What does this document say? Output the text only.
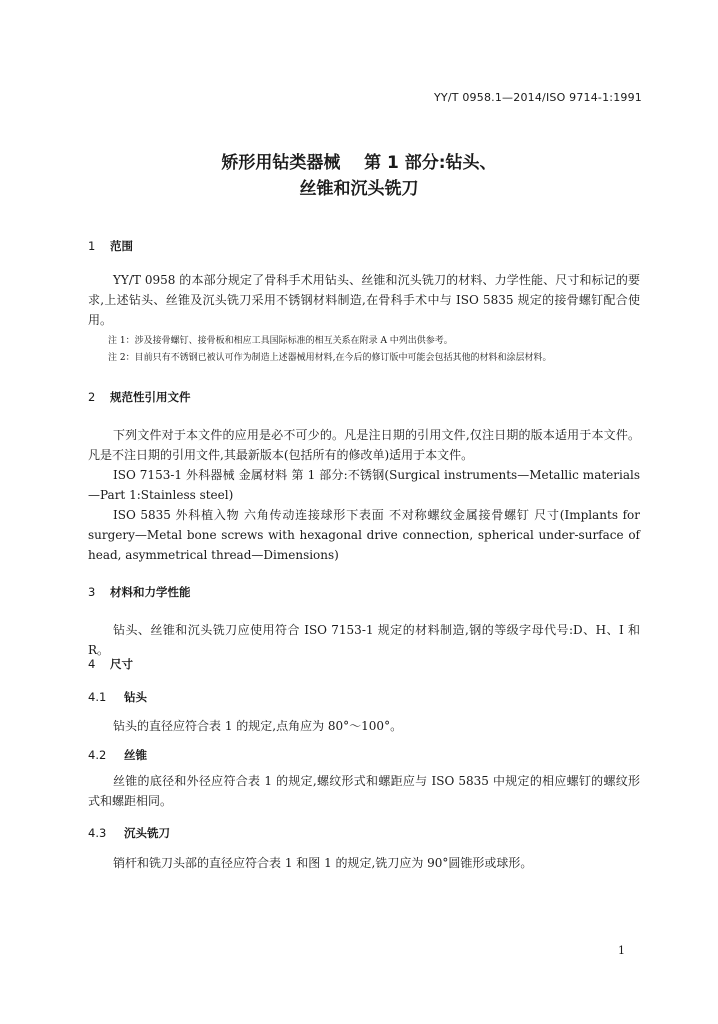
YY/T 0958.1—2014/ISO 9714-1:1991
矫形用钻类器械    第 1 部分:钻头、
丝锥和沉头铣刀
1 范围
YY/T 0958 的本部分规定了骨科手术用钻头、丝锥和沉头铣刀的材料、力学性能、尺寸和标记的要求,上述钻头、丝锥及沉头铣刀采用不锈钢材料制造,在骨科手术中与 ISO 5835 规定的接骨螺钉配合使用。
注 1：涉及接骨螺钉、接骨板和相应工具国际标准的相互关系在附录 A 中列出供参考。
注 2：目前只有不锈钢已被认可作为制造上述器械用材料,在今后的修订版中可能会包括其他的材料和涂层材料。
2 规范性引用文件
下列文件对于本文件的应用是必不可少的。凡是注日期的引用文件,仅注日期的版本适用于本文件。凡是不注日期的引用文件,其最新版本(包括所有的修改单)适用于本文件。
ISO 7153-1 外科器械 金属材料 第 1 部分:不锈钢(Surgical instruments—Metallic materials—Part 1:Stainless steel)
ISO 5835 外科植入物 六角传动连接球形下表面 不对称螺纹金属接骨螺钉 尺寸(Implants for surgery—Metal bone screws with hexagonal drive connection, spherical under-surface of head, asymmetrical thread—Dimensions)
3 材料和力学性能
钻头、丝锥和沉头铣刀应使用符合 ISO 7153-1 规定的材料制造,钢的等级字母代号:D、H、I 和 R。
4 尺寸
4.1 钻头
钻头的直径应符合表 1 的规定,点角应为 80°～100°。
4.2 丝锥
丝锥的底径和外径应符合表 1 的规定,螺纹形式和螺距应与 ISO 5835 中规定的相应螺钉的螺纹形式和螺距相同。
4.3 沉头铣刀
销杆和铣刀头部的直径应符合表 1 和图 1 的规定,铣刀应为 90°圆锥形或球形。
1
